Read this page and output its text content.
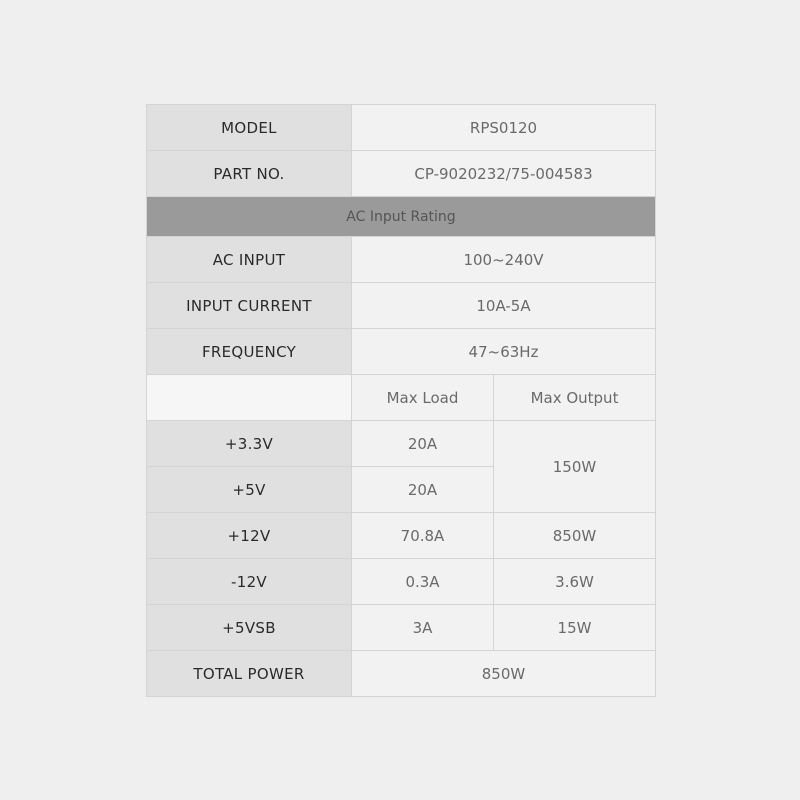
MODEL	RPS0120	
PART NO.	CP-9020232/75-004583	
AC Input Rating		
AC INPUT	100~240V	
INPUT CURRENT	10A-5A	
FREQUENCY	47~63Hz	
	Max Load	Max Output
+3.3V	20A	150W
+5V	20A	
+12V	70.8A	850W
-12V	0.3A	3.6W
+5VSB	3A	15W
TOTAL POWER	850W	
